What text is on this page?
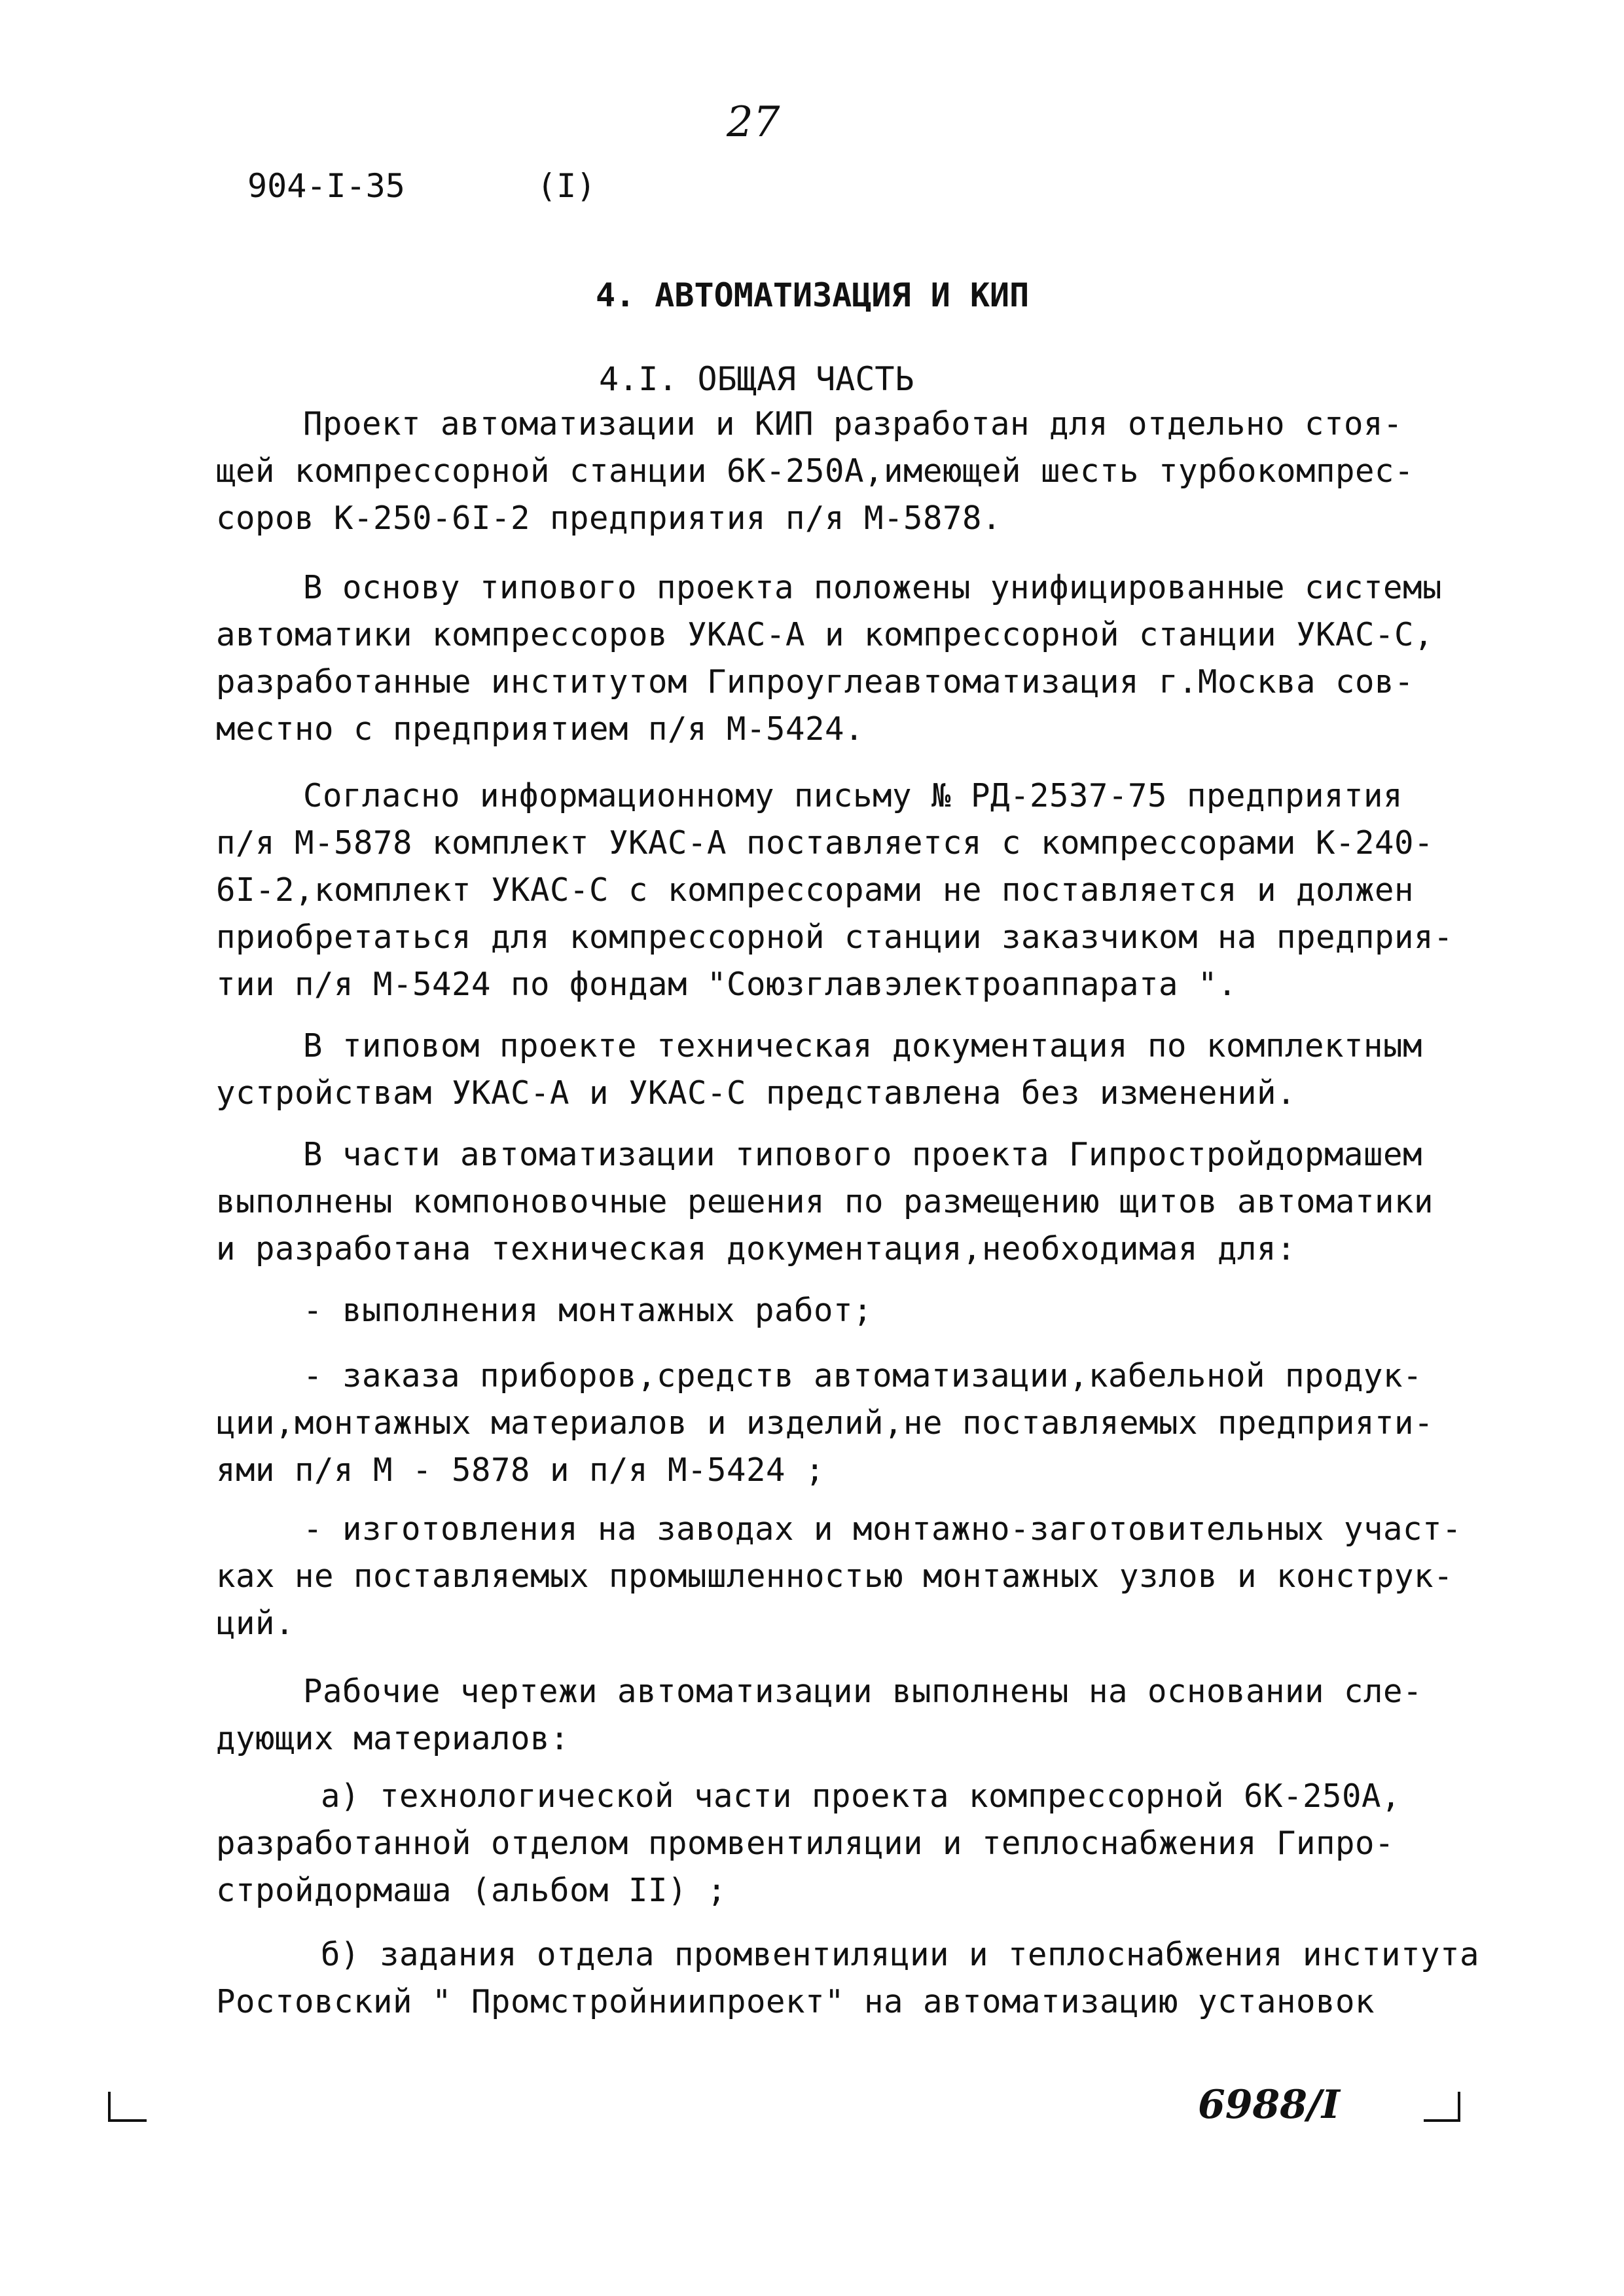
27
904-I-35	(I)
4. АВТОМАТИЗАЦИЯ И КИП
4.I. ОБЩАЯ ЧАСТЬ
Проект автоматизации и КИП разработан для отдельно стоя-
щей компрессорной станции 6К-250А,имеющей шесть турбокомпрес-
соров К-250-6I-2 предприятия п/я М-5878.
В основу типового проекта положены унифицированные системы
автоматики компрессоров УКАС-А и компрессорной станции УКАС-С,
разработанные институтом Гипроуглеавтоматизация г.Москва сов-
местно с предприятием п/я М-5424.
Согласно информационному письму № РД-2537-75 предприятия
п/я М-5878 комплект УКАС-А поставляется с компрессорами К-240-
6I-2,комплект УКАС-С с компрессорами не поставляется и должен
приобретаться для компрессорной станции заказчиком на предприя-
тии п/я М-5424 по фондам "Союзглавэлектроаппарата ".
В типовом проекте техническая документация по комплектным
устройствам УКАС-А и УКАС-С представлена без изменений.
В части автоматизации типового проекта Гипростройдормашем
выполнены компоновочные решения по размещению щитов автоматики
и разработана техническая документация,необходимая для:
- выполнения монтажных работ;
- заказа приборов,средств автоматизации,кабельной продук-
ции,монтажных материалов и изделий,не поставляемых предприяти-
ями п/я М - 5878 и п/я М-5424 ;
- изготовления на заводах и монтажно-заготовительных участ-
ках не поставляемых промышленностью монтажных узлов и конструк-
ций.
Рабочие чертежи автоматизации выполнены на основании сле-
дующих материалов:
а) технологической части проекта компрессорной 6К-250А,
разработанной отделом промвентиляции и теплоснабжения Гипро-
стройдормаша (альбом II) ;
б) задания отдела промвентиляции и теплоснабжения института
Ростовский " Промстройниипроект" на автоматизацию установок
6988/I
